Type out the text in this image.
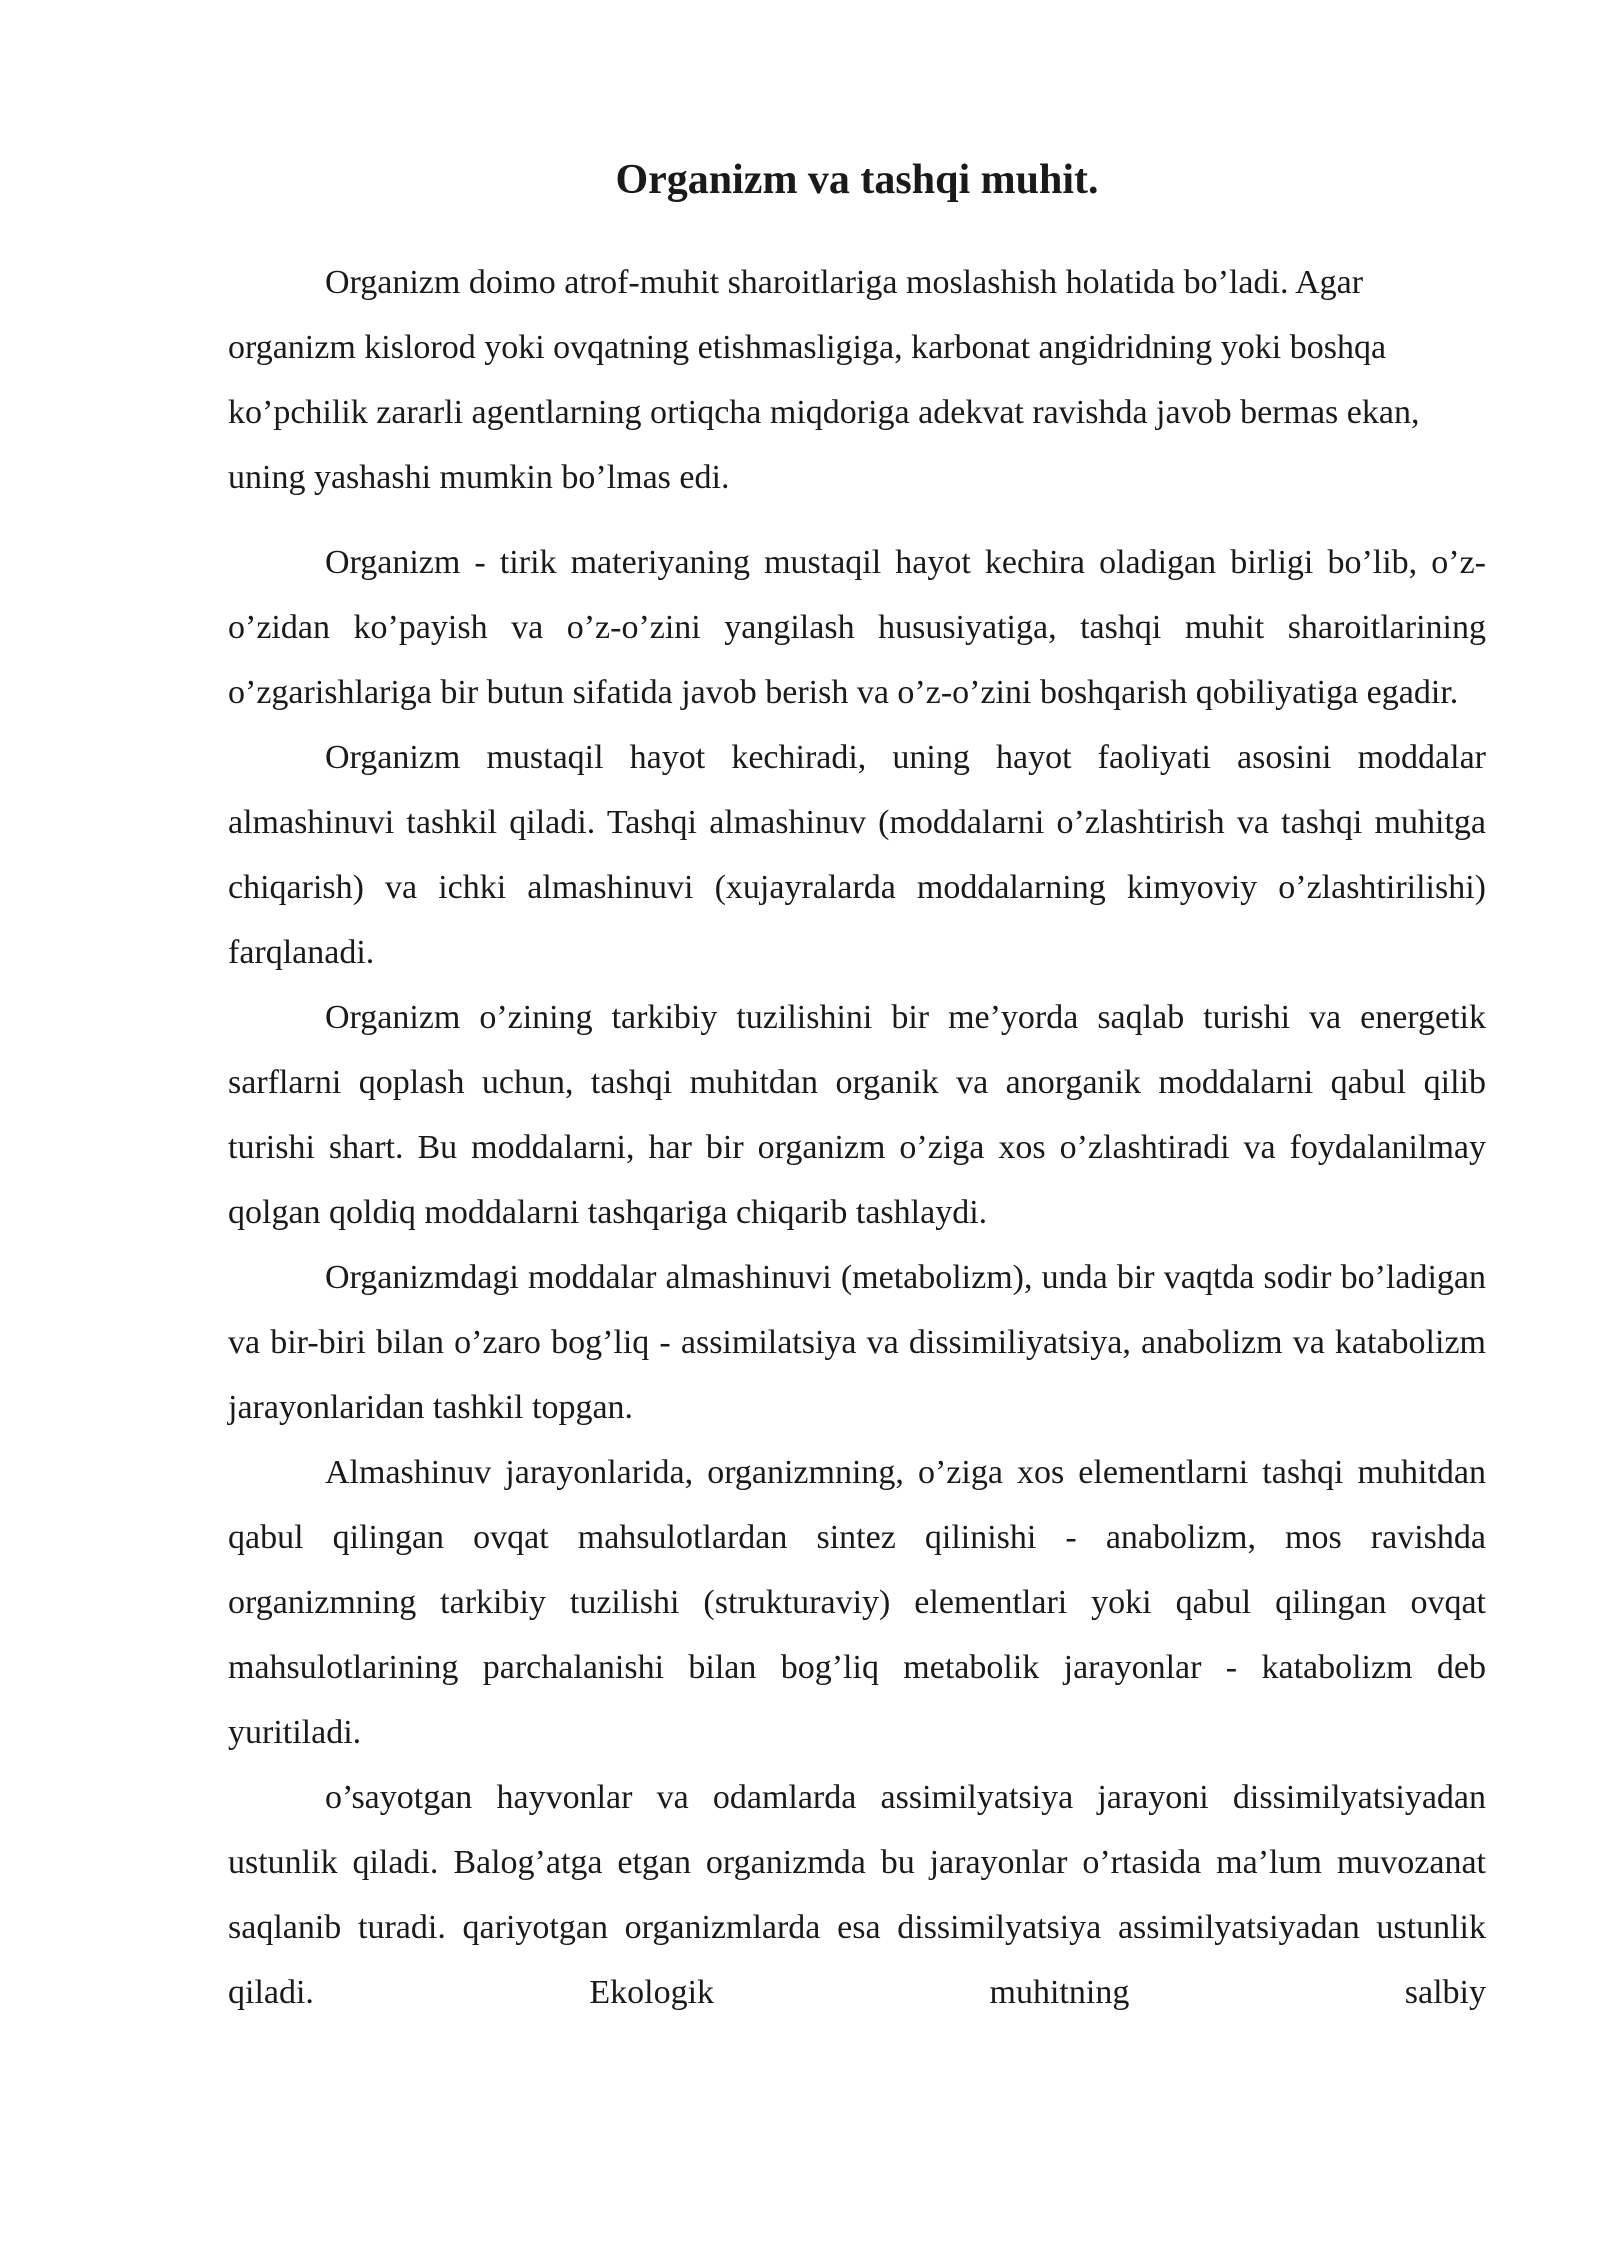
Organizm va tashqi muhit.

Organizm doimo atrof-muhit sharoitlariga moslashish holatida bo’ladi. Agar organizm kislorod yoki ovqatning etishmasligiga, karbonat angidridning yoki boshqa ko’pchilik zararli agentlarning ortiqcha miqdoriga adekvat ravishda javob bermas ekan, uning yashashi mumkin bo’lmas edi.

Organizm - tirik materiyaning mustaqil hayot kechira oladigan birligi bo’lib, o’z-o’zidan ko’payish va o’z-o’zini yangilash hususiyatiga, tashqi muhit sharoitlarining o’zgarishlariga bir butun sifatida javob berish va o’z-o’zini boshqarish qobiliyatiga egadir.

Organizm mustaqil hayot kechiradi, uning hayot faoliyati asosini moddalar almashinuvi tashkil qiladi. Tashqi almashinuv (moddalarni o’zlashtirish va tashqi muhitga chiqarish) va ichki almashinuvi (xujayralarda moddalarning kimyoviy o’zlashtirilishi) farqlanadi.

Organizm o’zining tarkibiy tuzilishini bir me’yorda saqlab turishi va energetik sarflarni qoplash uchun, tashqi muhitdan organik va anorganik moddalarni qabul qilib turishi shart. Bu moddalarni, har bir organizm o’ziga xos o’zlashtiradi va foydalanilmay qolgan qoldiq moddalarni tashqariga chiqarib tashlaydi.

Organizmdagi moddalar almashinuvi (metabolizm), unda bir vaqtda sodir bo’ladigan va bir-biri bilan o’zaro bog’liq - assimilatsiya va dissimiliyatsiya, anabolizm va katabolizm jarayonlaridan tashkil topgan.

Almashinuv jarayonlarida, organizmning, o’ziga xos elementlarni tashqi muhitdan qabul qilingan ovqat mahsulotlardan sintez qilinishi - anabolizm, mos ravishda organizmning tarkibiy tuzilishi (strukturaviy) elementlari yoki qabul qilingan ovqat mahsulotlarining parchalanishi bilan bog’liq metabolik jarayonlar - katabolizm deb yuritiladi.

o’sayotgan hayvonlar va odamlarda assimilyatsiya jarayoni dissimilyatsiyadan ustunlik qiladi. Balog’atga etgan organizmda bu jarayonlar o’rtasida ma’lum muvozanat saqlanib turadi. qariyotgan organizmlarda esa dissimilyatsiya assimilyatsiyadan ustunlik qiladi. Ekologik muhitning salbiy
